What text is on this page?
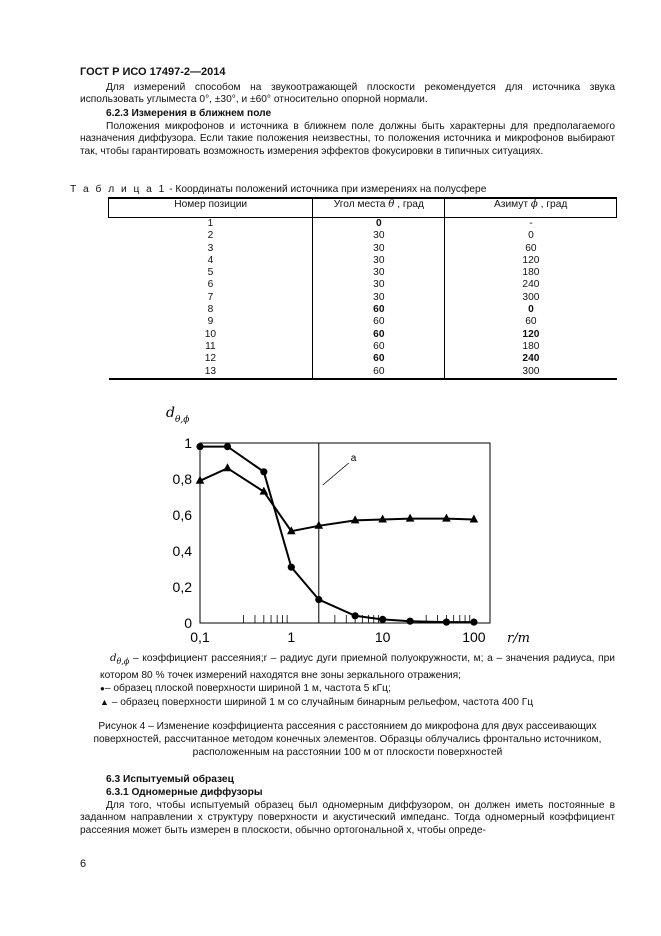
ГОСТ Р ИСО 17497-2—2014
Для измерений способом на звукоотражающей плоскости рекомендуется для источника звука использовать углыместа 0°, ±30°, и ±60° относительно опорной нормали.
6.2.3 Измерения в ближнем поле
Положения микрофонов и источника в ближнем поле должны быть характерны для предполагаемого назначения диффузора. Если такие положения неизвестны, то положения источника и микрофонов выбирают так, чтобы гарантировать возможность измерения эффектов фокусировки в типичных ситуациях.
Т а б л и ц а 1 - Координаты положений источника при измерениях на полусфере
Номер позиции	Угол места θ , град	Азимут ϕ , град
1	0	-
2	30	0
3	30	60
4	30	120
5	30	180
6	30	240
7	30	300
8	60	0
9	60	60
10	60	120
11	60	180
12	60	240
13	60	300
a
0
0,2
0,4
0,6
0,8
1
0,1	1	10	100 r/m
d θ,ϕ
$d_{\theta,\phi}$ – коэффициент рассеяния;r – радиус дуги приемной полуокружности, м; a – значения радиуса, при котором 80 % точек измерений находятся вне зоны зеркального отражения;
●– образец плоской поверхности шириной 1 м, частота 5 кГц;
▲ – образец поверхности шириной 1 м со случайным бинарным рельефом, частота 400 Гц
Рисунок 4 – Изменение коэффициента рассеяния с расстоянием до микрофона для двух рассеивающих поверхностей, рассчитанное методом конечных элементов. Образцы облучались фронтально источником, расположенным на расстоянии 100 м от плоскости поверхностей
6.3 Испытуемый образец
6.3.1 Одномерные диффузоры
Для того, чтобы испытуемый образец был одномерным диффузором, он должен иметь постоянные в заданном направлении x структуру поверхности и акустический импеданс. Тогда одномерный коэффициент рассеяния может быть измерен в плоскости, обычно ортогональной x, чтобы опреде-
6
